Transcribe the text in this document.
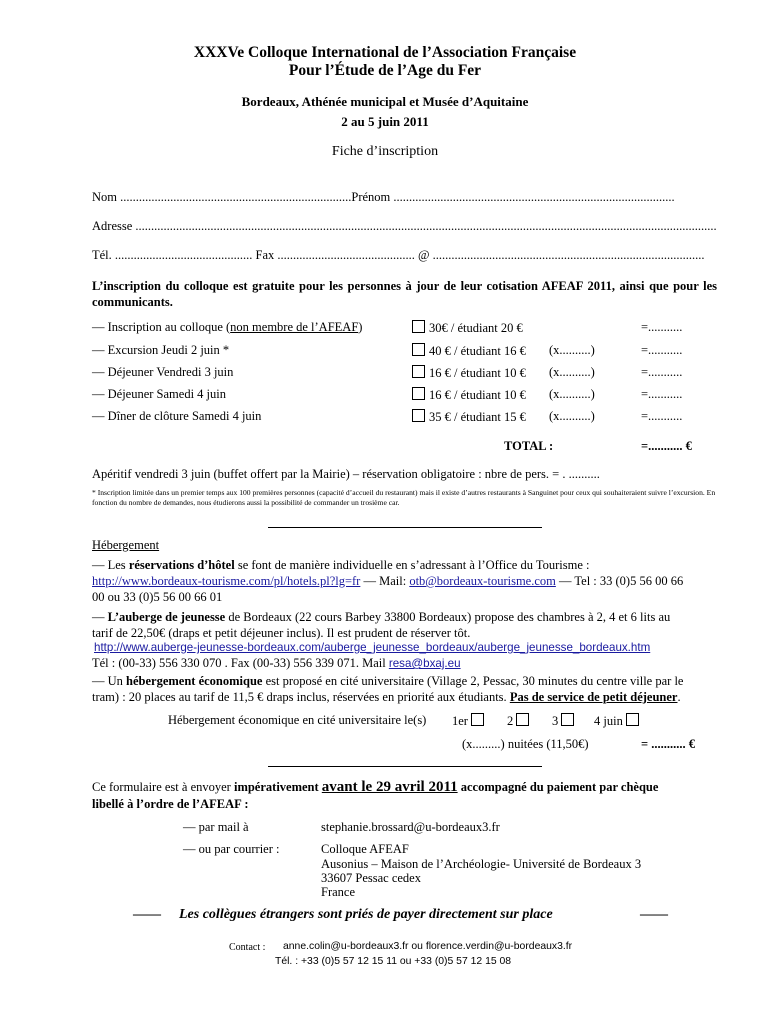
XXXVe Colloque International de l’Association Française
Pour l’Étude de l’Age du Fer
Bordeaux, Athénée municipal et Musée d’Aquitaine
2 au 5 juin 2011
Fiche d’inscription
Nom ..........................................................................Prénom ..........................................................................................
Adresse ..........................................................................................................................................................................................
Tél. ............................................ Fax ............................................ @ .......................................................................................
L’inscription du colloque est gratuite pour les personnes à jour de leur cotisation AFEAF 2011, ainsi que pour les communicants.
— Inscription au colloque (non membre de l’AFEAF)	30€ / étudiant 20 €	=...........
— Excursion Jeudi 2 juin *	40 € / étudiant 16 € (x..........)	=...........
— Déjeuner Vendredi 3 juin	16 € / étudiant 10 € (x..........)	=...........
— Déjeuner Samedi 4 juin	16 € / étudiant 10 € (x..........)	=...........
— Dîner de clôture Samedi 4 juin	35 € / étudiant 15 € (x..........)	=...........
TOTAL :	=........... €
Apéritif vendredi 3 juin (buffet offert par la Mairie) – réservation obligatoire : nbre de pers. = . ..........
* Inscription limitée dans un premier temps aux 100 premières personnes (capacité d’accueil du restaurant) mais il existe d’autres restaurants à Sanguinet pour ceux qui souhaiteraient suivre l’excursion. En fonction du nombre de demandes, nous étudierons aussi la possibilité de commander un trosième car.
Hébergement
— Les réservations d’hôtel se font de manière individuelle en s’adressant à l’Office du Tourisme :
http://www.bordeaux-tourisme.com/pl/hotels.pl?lg=fr — Mail: otb@bordeaux-tourisme.com — Tel : 33 (0)5 56 00 66
00 ou 33 (0)5 56 00 66 01
— L’auberge de jeunesse de Bordeaux (22 cours Barbey 33800 Bordeaux) propose des chambres à 2, 4 et 6 lits au
tarif de 22,50€ (draps et petit déjeuner inclus). Il est prudent de réserver tôt.
http://www.auberge-jeunesse-bordeaux.com/auberge_jeunesse_bordeaux/auberge_jeunesse_bordeaux.htm
Tél : (00-33) 556 330 070 . Fax (00-33) 556 339 071. Mail resa@bxaj.eu
— Un hébergement économique est proposé en cité universitaire (Village 2, Pessac, 30 minutes du centre ville par le
tram) : 20 places au tarif de 11,5 € draps inclus, réservées en priorité aux étudiants. Pas de service de petit déjeuner.
Hébergement économique en cité universitaire le(s) 1er	2	3	4 juin
(x.........) nuitées (11,50€)	= ........... €
Ce formulaire est à envoyer impérativement avant le 29 avril 2011 accompagné du paiement par chèque
libellé à l’ordre de l’AFEAF :
— par mail à	stephanie.brossard@u-bordeaux3.fr
— ou par courrier :	Colloque AFEAF
Ausonius – Maison de l’Archéologie- Université de Bordeaux 3
33607 Pessac cedex
France
—— Les collègues étrangers sont priés de payer directement sur place	——
Contact : anne.colin@u-bordeaux3.fr ou florence.verdin@u-bordeaux3.fr
Tél. : +33 (0)5 57 12 15 11 ou +33 (0)5 57 12 15 08
